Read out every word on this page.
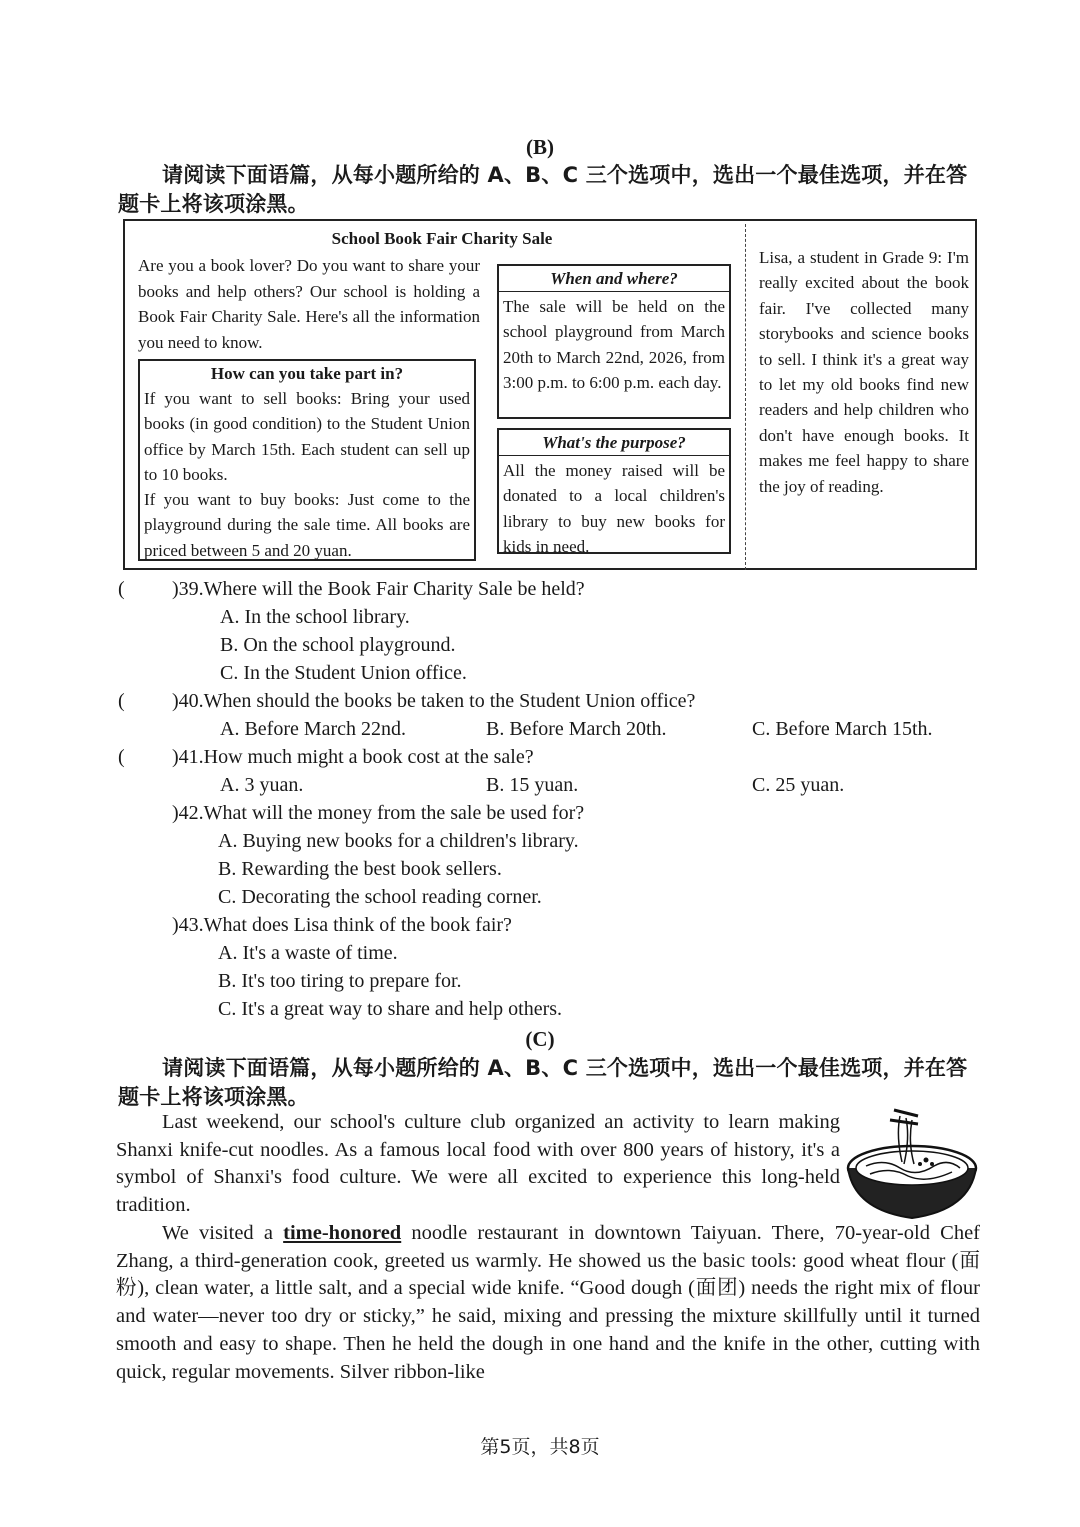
(B)
请阅读下面语篇，从每小题所给的 A、B、C 三个选项中，选出一个最佳选项，并在答题卡上将该项涂黑。
School Book Fair Charity Sale
Are you a book lover? Do you want to share your books and help others? Our school is holding a Book Fair Charity Sale. Here's all the information you need to know.
How can you take part in?

If you want to sell books: Bring your used books (in good condition) to the Student Union office by March 15th. Each student can sell up to 10 books.

If you want to buy books: Just come to the playground during the sale time. All books are priced between 5 and 20 yuan.

When and where?

The sale will be held on the school playground from March 20th to March 22nd, 2026, from 3:00 p.m. to 6:00 p.m. each day.

What's the purpose?

All the money raised will be donated to a local children's library to buy new books for kids in need.

Lisa, a student in Grade 9: I'm really excited about the book fair. I've collected many storybooks and science books to sell. I think it's a great way to let my old books find new readers and help children who don't have enough books. It makes me feel happy to share the joy of reading.
( )39.Where will the Book Fair Charity Sale be held?
A. In the school library.
B. On the school playground.
C. In the Student Union office.
( )40.When should the books be taken to the Student Union office?
A. Before March 22nd.	B. Before March 20th.	C. Before March 15th.
( )41.How much might a book cost at the sale?
A. 3 yuan.	B. 15 yuan.	C. 25 yuan.
)42.What will the money from the sale be used for?
A. Buying new books for a children's library.
B. Rewarding the best book sellers.
C. Decorating the school reading corner.
)43.What does Lisa think of the book fair?
A. It's a waste of time.
B. It's too tiring to prepare for.
C. It's a great way to share and help others.
(C)
请阅读下面语篇，从每小题所给的 A、B、C 三个选项中，选出一个最佳选项，并在答题卡上将该项涂黑。
Last weekend, our school's culture club organized an activity to learn making Shanxi knife-cut noodles. As a famous local food with over 800 years of history, it's a symbol of Shanxi's food culture. We were all excited to experience this long-held tradition.
We visited a time-honored noodle restaurant in downtown Taiyuan. There, 70-year-old Chef Zhang, a third-generation cook, greeted us warmly. He showed us the basic tools: good wheat flour (面粉), clean water, a little salt, and a special wide knife. “Good dough (面团) needs the right mix of flour and water—never too dry or sticky,” he said, mixing and pressing the mixture skillfully until it turned smooth and easy to shape. Then he held the dough in one hand and the knife in the other, cutting with quick, regular movements. Silver ribbon-like
第5页，共8页
